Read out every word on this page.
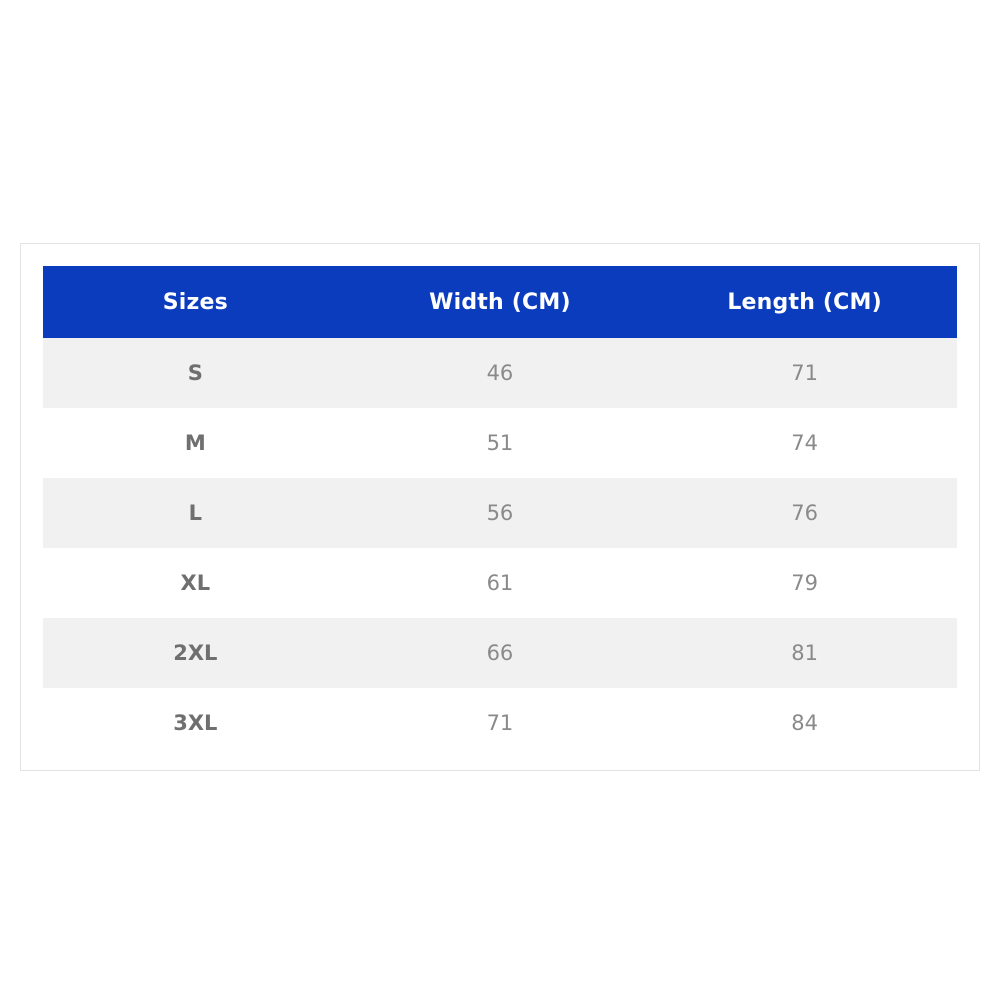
Sizes	Width (CM)	Length (CM)
S	46	71
M	51	74
L	56	76
XL	61	79
2XL	66	81
3XL	71	84
